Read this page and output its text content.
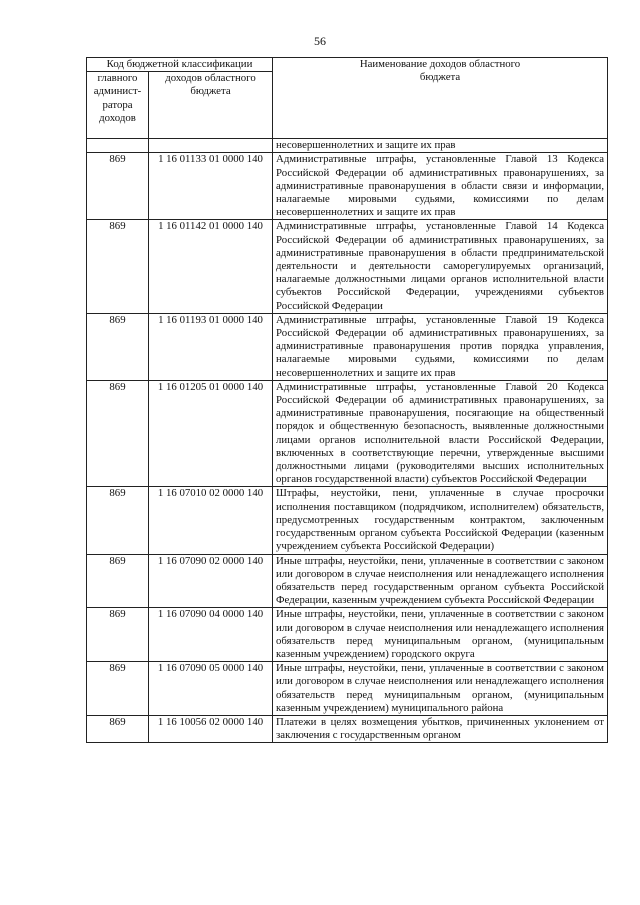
56
Код бюджетной классификации		Наименование доходов областного бюджета
главного админист-ратора доходов	доходов областного бюджета	
		несовершеннолетних и защите их прав
869	1 16 01133 01 0000 140	Административные штрафы, установленные Главой 13 Кодекса Российской Федерации об административных правонарушениях, за административные правонарушения в области связи и информации, налагаемые мировыми судьями, комиссиями по делам несовершеннолетних и защите их прав
869	1 16 01142 01 0000 140	Административные штрафы, установленные Главой 14 Кодекса Российской Федерации об административных правонарушениях, за административные правонарушения в области предпринимательской деятельности и деятельности саморегулируемых организаций, налагаемые должностными лицами органов исполнительной власти субъектов Российской Федерации, учреждениями субъектов Российской Федерации
869	1 16 01193 01 0000 140	Административные штрафы, установленные Главой 19 Кодекса Российской Федерации об административных правонарушениях, за административные правонарушения против порядка управления, налагаемые мировыми судьями, комиссиями по делам несовершеннолетних и защите их прав
869	1 16 01205 01 0000 140	Административные штрафы, установленные Главой 20 Кодекса Российской Федерации об административных правонарушениях, за административные правонарушения, посягающие на общественный порядок и общественную безопасность, выявленные должностными лицами органов исполнительной власти Российской Федерации, включенных в соответствующие перечни, утвержденные высшими должностными лицами (руководителями высших исполнительных органов государственной власти) субъектов Российской Федерации
869	1 16 07010 02 0000 140	Штрафы, неустойки, пени, уплаченные в случае просрочки исполнения поставщиком (подрядчиком, исполнителем) обязательств, предусмотренных государственным контрактом, заключенным государственным органом субъекта Российской Федерации (казенным учреждением субъекта Российской Федерации)
869	1 16 07090 02 0000 140	Иные штрафы, неустойки, пени, уплаченные в соответствии с законом или договором в случае неисполнения или ненадлежащего исполнения обязательств перед государственным органом субъекта Российской Федерации, казенным учреждением субъекта Российской Федерации
869	1 16 07090 04 0000 140	Иные штрафы, неустойки, пени, уплаченные в соответствии с законом или договором в случае неисполнения или ненадлежащего исполнения обязательств перед муниципальным органом, (муниципальным казенным учреждением) городского округа
869	1 16 07090 05 0000 140	Иные штрафы, неустойки, пени, уплаченные в соответствии с законом или договором в случае неисполнения или ненадлежащего исполнения обязательств перед муниципальным органом, (муниципальным казенным учреждением) муниципального района
869	1 16 10056 02 0000 140	Платежи в целях возмещения убытков, причиненных уклонением от заключения с государственным органом
